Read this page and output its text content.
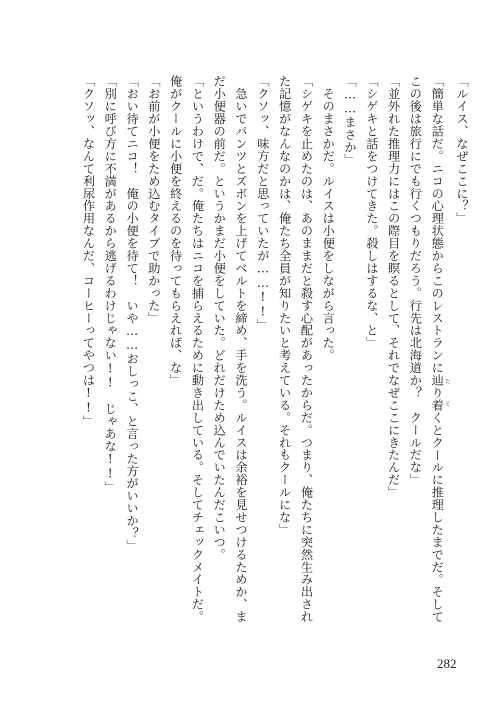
「ルイス、なぜここに？」
「簡単な話だ。ニコの心理状態からこのレストランに辿り着 たどくとクールに推理したまでだ。そして
この後は旅行にでも行くつもりだろう。行先は北海道か？　クールだな」
「並外れた推理力にはこの際目を瞑るとして、それでなぜここにきたんだ」
「シゲキと話をつけてきた。殺しはするな、と」
「……まさか」
　そのまさかだ。ルイスは小便をしながら言った。
「シゲキを止めたのは、あのままだと殺す心配があったからだ。つまり、俺たちに突然生み出され
た記憶がなんなのかは、俺たち全員が知りたいと考えている。それもクールにな」
「クソッ、味方だと思っていたが……!!」
　急いでパンツとズボンを上げてベルトを締め、手を洗う。ルイスは余裕を見せつけるためか、ま
だ小便器の前だ。というかまだ小便をしていた。どれだけため込んでいたんだこいつ。
「というわけで、だ。俺たちはニコを捕らえるために動き出している。そしてチェックメイトだ。
俺がクールに小便を終えるのを待ってもらえれば、な」
「お前が小便をため込むタイプで助かった」
「おい待てニコ！　俺の小便を待て！　いや……おしっこ、と言った方がいいか？」
「別に呼び方に不満があるから逃げるわけじゃない!!　じゃあな!!」
「クソッ、なんて利尿作用なんだ、コーヒーってやつは!!」
282
